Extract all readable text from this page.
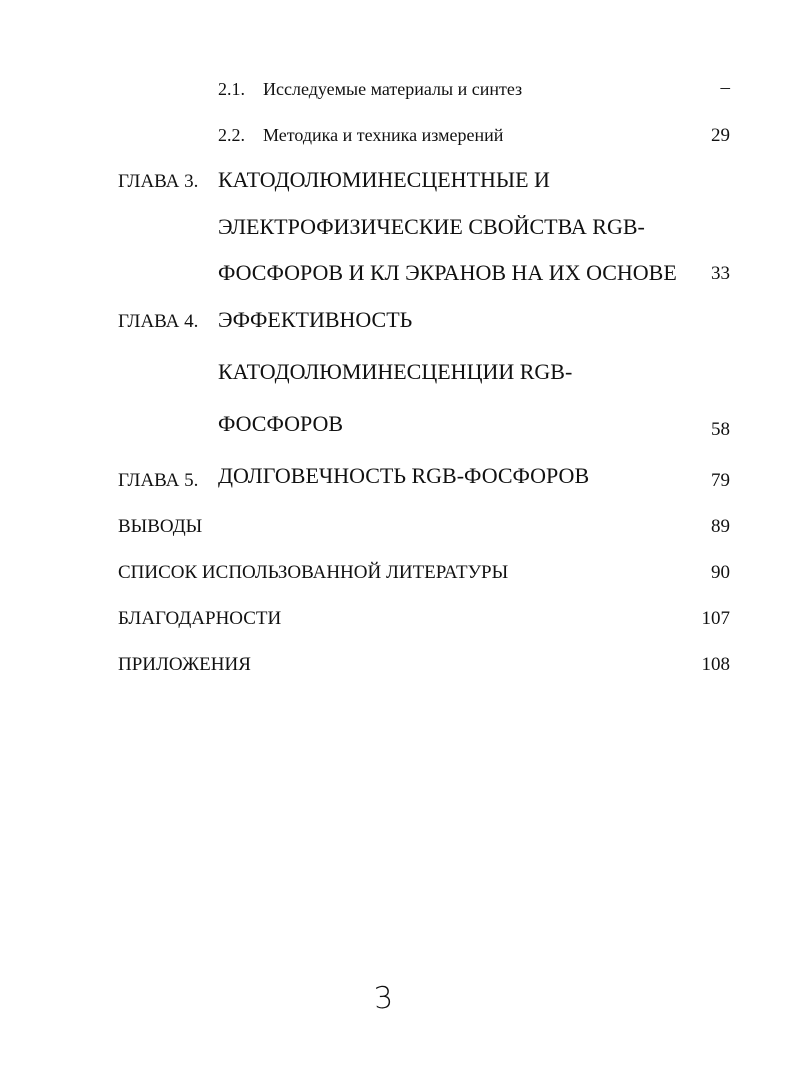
2.1. Исследуемые материалы и синтез	–
2.2. Методика и техника измерений	29
ГЛАВА 3. КАТОДОЛЮМИНЕСЦЕНТНЫЕ И
ЭЛЕКТРОФИЗИЧЕСКИЕ СВОЙСТВА RGB-
ФОСФОРОВ И КЛ ЭКРАНОВ НА ИХ ОСНОВЕ 33
ГЛАВА 4. ЭФФЕКТИВНОСТЬ
КАТОДОЛЮМИНЕСЦЕНЦИИ RGB-
ФОСФОРОВ	58
ГЛАВА 5. ДОЛГОВЕЧНОСТЬ RGB-ФОСФОРОВ	79
ВЫВОДЫ	89
СПИСОК ИСПОЛЬЗОВАННОЙ ЛИТЕРАТУРЫ	90
БЛАГОДАРНОСТИ	107
ПРИЛОЖЕНИЯ	108
3
